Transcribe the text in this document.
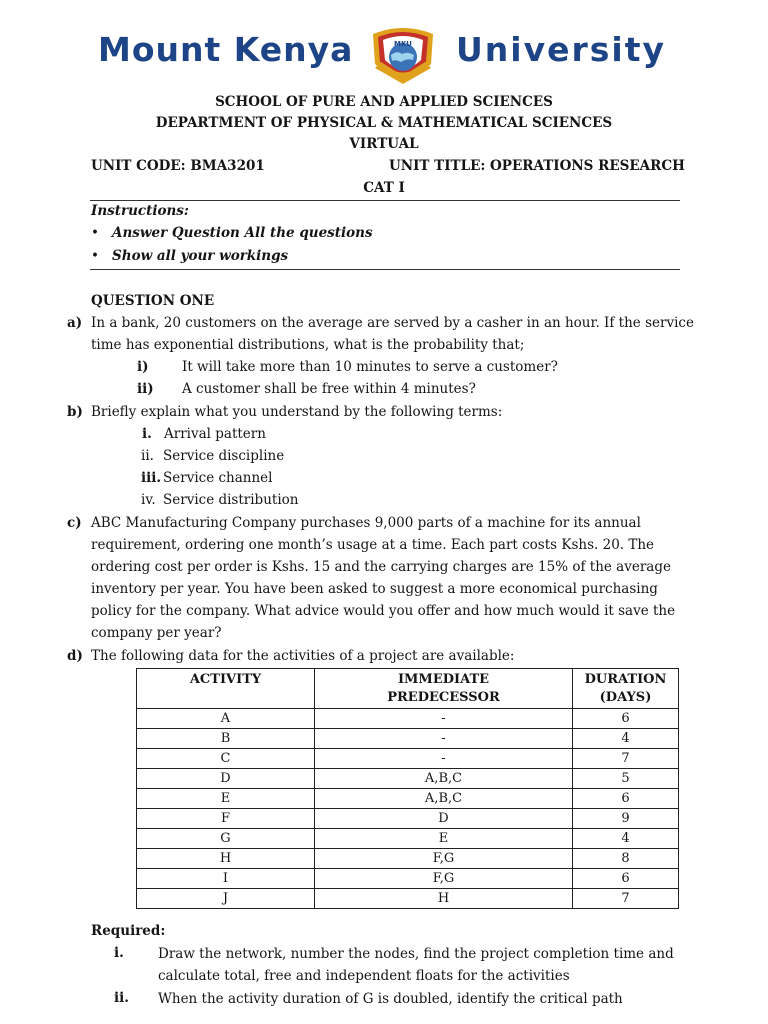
Mount Kenya	MKU University
SCHOOL OF PURE AND APPLIED SCIENCES
DEPARTMENT OF PHYSICAL & MATHEMATICAL SCIENCES
VIRTUAL
UNIT CODE: BMA3201	UNIT TITLE: OPERATIONS RESEARCH
CAT I
Instructions:
• Answer Question All the questions
• Show all your workings
QUESTION ONE
a) In a bank, 20 customers on the average are served by a casher in an hour. If the service
time has exponential distributions, what is the probability that;
i) It will take more than 10 minutes to serve a customer?
ii) A customer shall be free within 4 minutes?
b) Briefly explain what you understand by the following terms:
i. Arrival pattern
ii. Service discipline
iii. Service channel
iv. Service distribution
c) ABC Manufacturing Company purchases 9,000 parts of a machine for its annual
requirement, ordering one month’s usage at a time. Each part costs Kshs. 20. The
ordering cost per order is Kshs. 15 and the carrying charges are 15% of the average
inventory per year. You have been asked to suggest a more economical purchasing
policy for the company. What advice would you offer and how much would it save the
company per year?
d) The following data for the activities of a project are available:
ACTIVITY	IMMEDIATE PREDECESSOR	DURATION (DAYS)
A	-	6
B	-	4
C	-	7
D	A,B,C	5
E	A,B,C	6
F	D	9
G	E	4
H	F,G	8
I	F,G	6
J	H	7
Required:
i.	Draw the network, number the nodes, find the project completion time and
calculate total, free and independent floats for the activities
ii. When the activity duration of G is doubled, identify the critical path
